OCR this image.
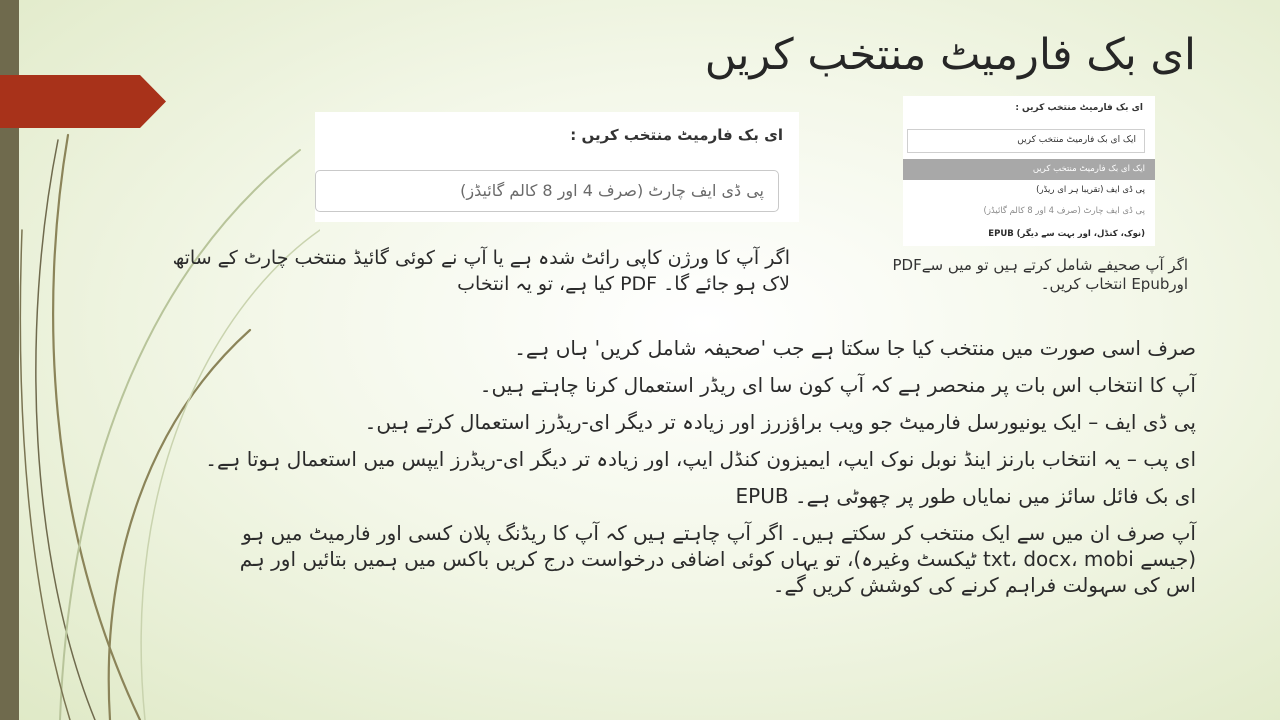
ای بک فارمیٹ منتخب کریں
ای بک فارمیٹ منتخب کریں :
پی ڈی ایف چارٹ (صرف 4 اور 8 کالم گائیڈز)
ای بک فارمیٹ منتخب کریں :
ایک ای بک فارمیٹ منتخب کریں
ایک ای بک فارمیٹ منتخب کریں
پی ڈی ایف (تقریبا ہر ای ریڈر)
پی ڈی ایف چارٹ (صرف 4 اور 8 کالم گائیڈز)
EPUB (نوک، کنڈل، اور بہت سے دیگر)
اگر آپ کا ورژن کاپی رائٹ شدہ ہے یا آپ نے کوئی گائیڈ منتخب چارٹ کے ساتھ لاک ہو جائے گا۔ PDF کیا ہے، تو یہ انتخاب
PDFاگر آپ صحیفے شامل کرتے ہیں تو میں سے انتخاب کریں۔ Epubاور

صرف اسی صورت میں منتخب کیا جا سکتا ہے جب 'صحیفہ شامل کریں' ہاں ہے۔

آپ کا انتخاب اس بات پر منحصر ہے کہ آپ کون سا ای ریڈر استعمال کرنا چاہتے ہیں۔

پی ڈی ایف – ایک یونیورسل فارمیٹ جو ویب براؤزرز اور زیادہ تر دیگر ای-ریڈرز استعمال کرتے ہیں۔

ای پب – یہ انتخاب بارنز اینڈ نوبل نوک ایپ، ایمیزون کنڈل ایپ، اور زیادہ تر دیگر ای-ریڈرز ایپس میں استعمال ہوتا ہے۔

ای بک فائل سائز میں نمایاں طور پر چھوٹی ہے۔ EPUB

آپ صرف ان میں سے ایک منتخب کر سکتے ہیں۔ اگر آپ چاہتے ہیں کہ آپ کا ریڈنگ پلان کسی اور فارمیٹ میں ہو (جیسے txt، docx، mobi ٹیکسٹ وغیرہ)، تو یہاں کوئی اضافی درخواست درج کریں باکس میں ہمیں بتائیں اور ہم اس کی سہولت فراہم کرنے کی کوشش کریں گے۔
